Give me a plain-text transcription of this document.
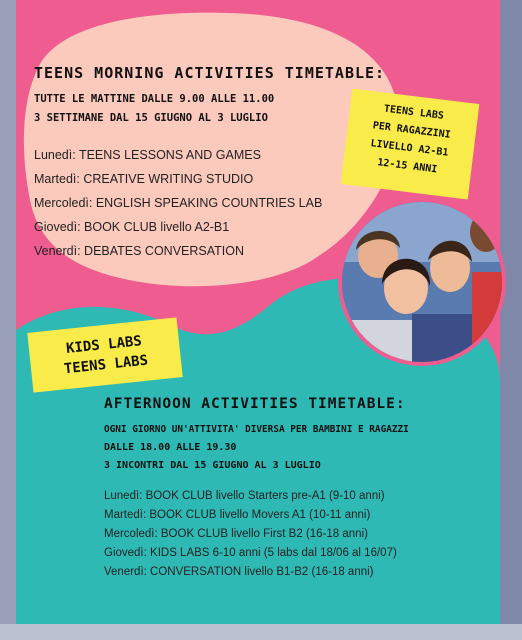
TEENS MORNING ACTIVITIES TIMETABLE:
TUTTE LE MATTINE DALLE 9.00 ALLE 11.00
3 SETTIMANE DAL 15 GIUGNO AL 3 LUGLIO
Lunedì: TEENS LESSONS AND GAMES
Martedì: CREATIVE WRITING STUDIO
Mercoledì: ENGLISH SPEAKING COUNTRIES LAB
Giovedì: BOOK CLUB livello A2-B1
Venerdì: DEBATES CONVERSATION
TEENS LABS
PER RAGAZZINI
LIVELLO A2-B1
12-15 ANNI
KIDS LABS
TEENS LABS
AFTERNOON ACTIVITIES TIMETABLE:
OGNI GIORNO UN'ATTIVITA' DIVERSA PER BAMBINI E RAGAZZI
DALLE 18.00 ALLE 19.30
3 INCONTRI DAL 15 GIUGNO AL 3 LUGLIO
Lunedì: BOOK CLUB livello Starters pre-A1 (9-10 anni)
Martedì: BOOK CLUB livello Movers A1 (10-11 anni)
Mercoledì: BOOK CLUB livello First B2 (16-18 anni)
Giovedì: KIDS LABS 6-10 anni (5 labs dal 18/06 al 16/07)
Venerdì: CONVERSATION livello B1-B2 (16-18 anni)
